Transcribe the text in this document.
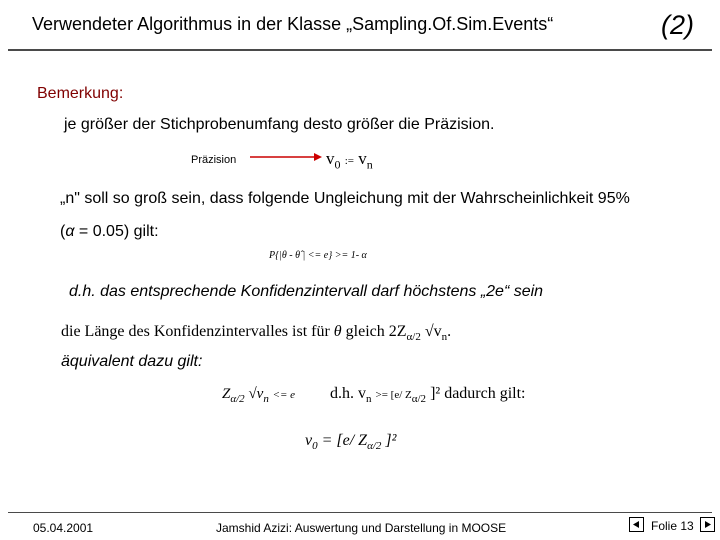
Verwendeter Algorithmus in der Klasse „Sampling.Of.Sim.Events“	(2)
Bemerkung:
je größer der Stichprobenumfang desto größer die Präzision.
Präzision	$v_0$ := $v_n$
„n" soll so groß sein, dass folgende Ungleichung mit der Wahrscheinlichkeit 95%
(α = 0.05) gilt:
P{|θ - θ̂ | <= e} >= 1- α
d.h. das entsprechende Konfidenzintervall darf höchstens „2e“ sein
die Länge des Konfidenzintervalles ist für θ gleich $2Z_{\alpha/2}$ $√v_n$.
äquivalent dazu gilt:
$Z_{\alpha/2}$ $√v_n <= e$ d.h. $v_n >= [e/$ $Z_{\alpha/2}$ ]² dadurch gilt:
$v_0 = [e/$ $Z_{\alpha/2}$ ]²
05.04.2001	Jamshid Azizi: Auswertung und Darstellung in MOOSE	Folie 13
